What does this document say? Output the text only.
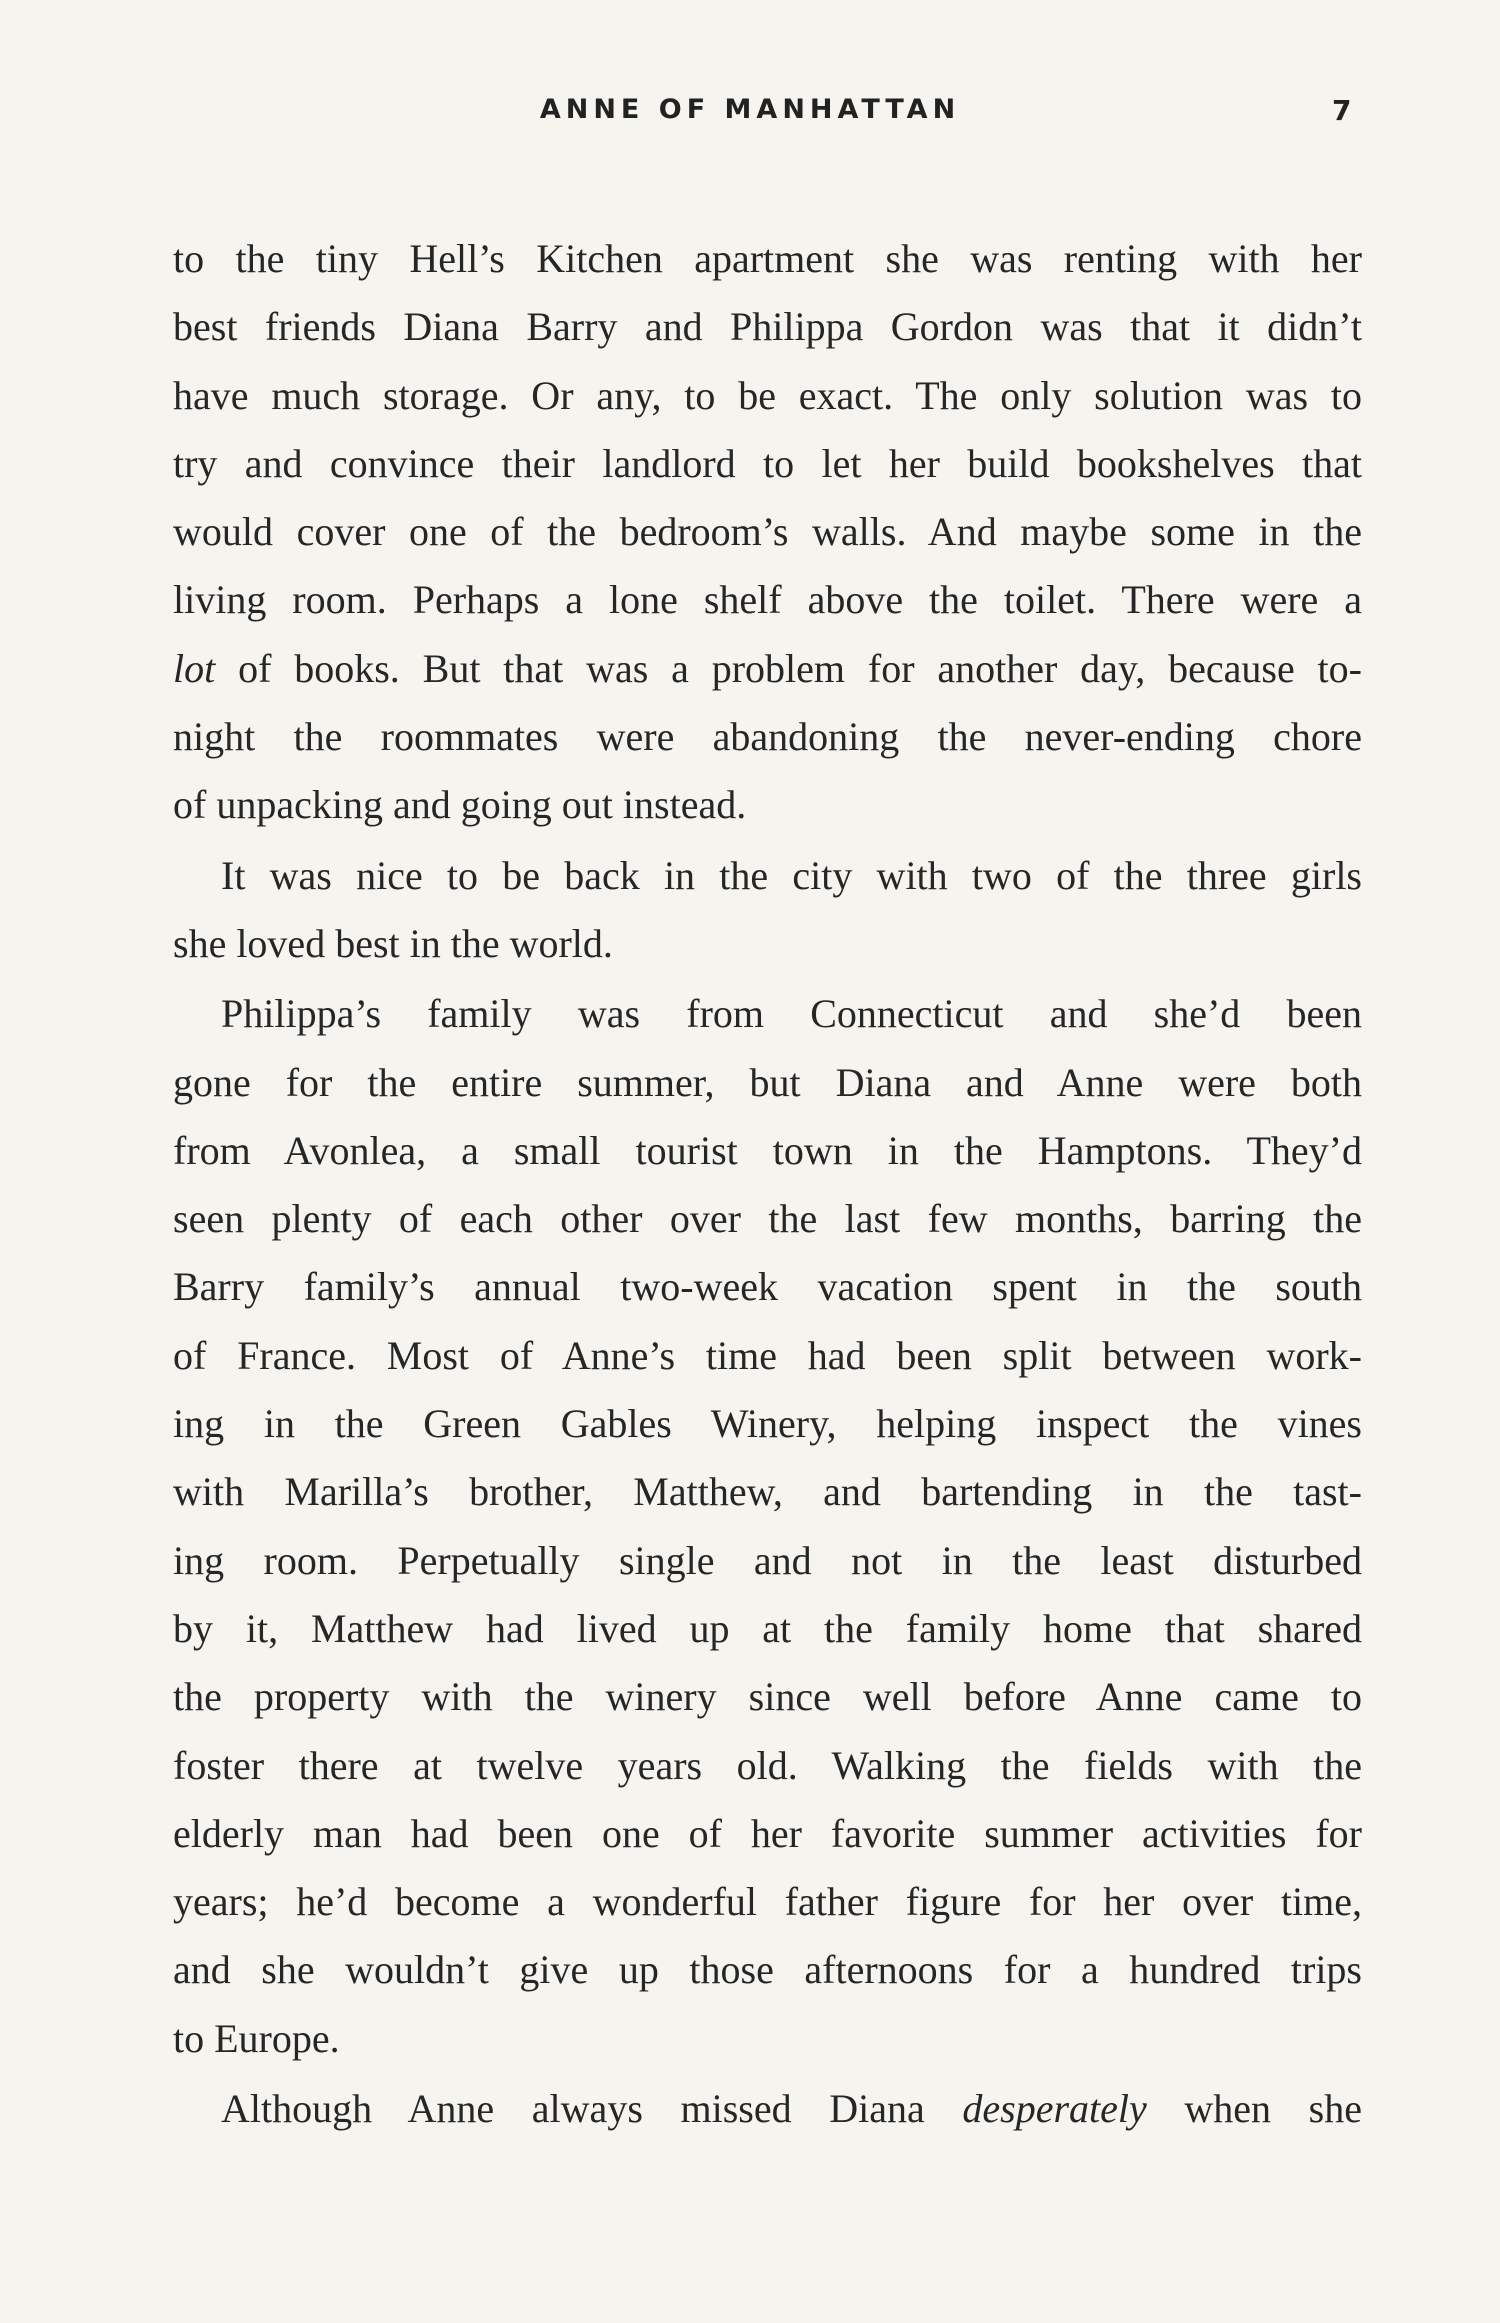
ANNE OF MANHATTAN	7
to the tiny Hell’s Kitchen apartment she was renting with her
best friends Diana Barry and Philippa Gordon was that it didn’t
have much storage. Or any, to be exact. The only solution was to
try and convince their landlord to let her build bookshelves that
would cover one of the bedroom’s walls. And maybe some in the
living room. Perhaps a lone shelf above the toilet. There were a
lot of books. But that was a problem for another day, because to-
night the roommates were abandoning the never-ending chore
of unpacking and going out instead.
It was nice to be back in the city with two of the three girls
she loved best in the world.
Philippa’s family was from Connecticut and she’d been
gone for the entire summer, but Diana and Anne were both
from Avonlea, a small tourist town in the Hamptons. They’d
seen plenty of each other over the last few months, barring the
Barry family’s annual two-week vacation spent in the south
of France. Most of Anne’s time had been split between work-
ing in the Green Gables Winery, helping inspect the vines
with Marilla’s brother, Matthew, and bartending in the tast-
ing room. Perpetually single and not in the least disturbed
by it, Matthew had lived up at the family home that shared
the property with the winery since well before Anne came to
foster there at twelve years old. Walking the fields with the
elderly man had been one of her favorite summer activities for
years; he’d become a wonderful father figure for her over time,
and she wouldn’t give up those afternoons for a hundred trips
to Europe.
Although Anne always missed Diana desperately when she
